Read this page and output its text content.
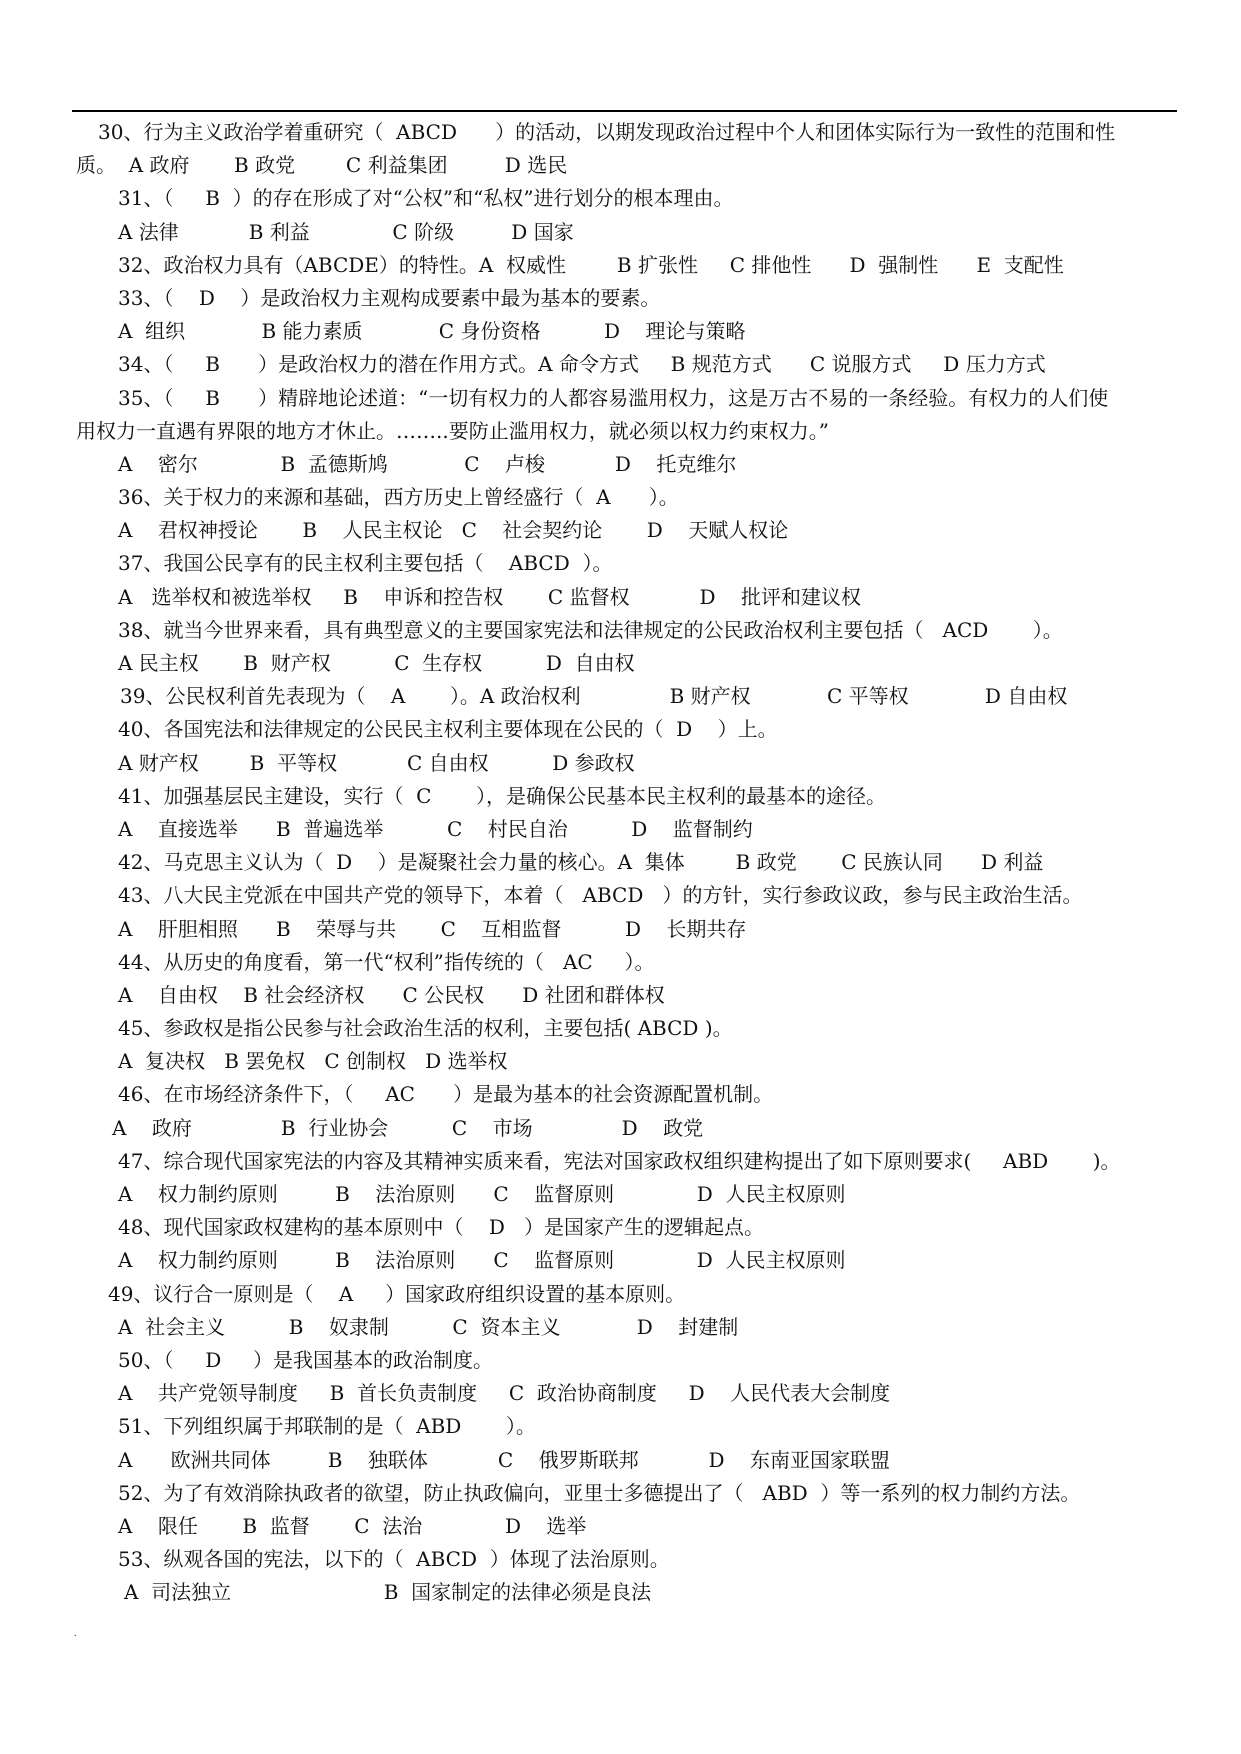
30、行为主义政治学着重研究（  ABCD      ）的活动，以期发现政治过程中个人和团体实际行为一致性的范围和性
质。  A 政府       B 政党        C 利益集团         D 选民
31、（     B  ）的存在形成了对“公权”和“私权”进行划分的根本理由。
A 法律           B 利益             C 阶级         D 国家
32、政治权力具有（ABCDE）的特性。A  权威性        B 扩张性     C 排他性      D  强制性      E  支配性
33、（    D    ）是政治权力主观构成要素中最为基本的要素。
A  组织            B 能力素质            C 身份资格          D    理论与策略
34、（     B      ）是政治权力的潜在作用方式。A 命令方式     B 规范方式      C 说服方式     D 压力方式
35、（     B      ）精辟地论述道：“一切有权力的人都容易滥用权力，这是万古不易的一条经验。有权力的人们使
用权力一直遇有界限的地方才休止。……..要防止滥用权力，就必须以权力约束权力。”
A    密尔             B  孟德斯鸠            C    卢梭           D    托克维尔
36、关于权力的来源和基础，西方历史上曾经盛行（  A      ）。
A    君权神授论       B    人民主权论   C    社会契约论       D    天赋人权论
37、我国公民享有的民主权利主要包括（    ABCD  ）。
A   选举权和被选举权     B    申诉和控告权       C 监督权           D    批评和建议权
38、就当今世界来看，具有典型意义的主要国家宪法和法律规定的公民政治权利主要包括（   ACD       ）。
A 民主权       B  财产权          C  生存权          D  自由权
39、公民权利首先表现为（    A       ）。A 政治权利              B 财产权            C 平等权            D 自由权
40、各国宪法和法律规定的公民民主权利主要体现在公民的（  D    ）上。
A 财产权        B  平等权           C 自由权          D 参政权
41、加强基层民主建设，实行（  C       ），是确保公民基本民主权利的最基本的途径。
A    直接选举      B  普遍选举          C    村民自治          D    监督制约
42、马克思主义认为（  D    ）是凝聚社会力量的核心。A  集体        B 政党       C 民族认同      D 利益
43、八大民主党派在中国共产党的领导下，本着（   ABCD   ）的方针，实行参政议政，参与民主政治生活。
A    肝胆相照      B    荣辱与共       C    互相监督          D    长期共存
44、从历史的角度看，第一代“权利”指传统的（   AC     ）。
A    自由权    B 社会经济权      C 公民权      D 社团和群体权
45、参政权是指公民参与社会政治生活的权利，主要包括( ABCD )。
A  复决权   B 罢免权   C 创制权   D 选举权
46、在市场经济条件下，（     AC      ）是最为基本的社会资源配置机制。
A    政府              B  行业协会          C    市场              D    政党
47、综合现代国家宪法的内容及其精神实质来看，宪法对国家政权组织建构提出了如下原则要求(     ABD       )。
A    权力制约原则         B    法治原则      C    监督原则             D  人民主权原则
48、现代国家政权建构的基本原则中（    D   ）是国家产生的逻辑起点。
A    权力制约原则         B    法治原则      C    监督原则             D  人民主权原则
49、议行合一原则是（    A     ）国家政府组织设置的基本原则。
A  社会主义          B    奴隶制          C  资本主义            D    封建制
50、（     D     ）是我国基本的政治制度。
A    共产党领导制度     B  首长负责制度     C  政治协商制度     D    人民代表大会制度
51、下列组织属于邦联制的是（  ABD       ）。
A      欧洲共同体         B    独联体           C    俄罗斯联邦           D    东南亚国家联盟
52、为了有效消除执政者的欲望，防止执政偏向，亚里士多德提出了（   ABD  ）等一系列的权力制约方法。
A    限任       B  监督       C  法治             D    选举
53、纵观各国的宪法，以下的（  ABCD  ）体现了法治原则。
A  司法独立                        B  国家制定的法律必须是良法
.
